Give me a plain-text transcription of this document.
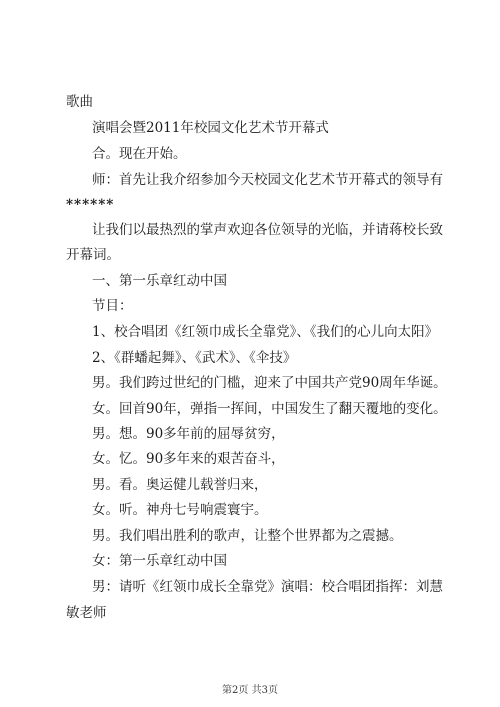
歌曲
演唱会暨2011年校园文化艺术节开幕式
合。现在开始。
师：首先让我介绍参加今天校园文化艺术节开幕式的领导有
******
让我们以最热烈的掌声欢迎各位领导的光临，并请蒋校长致
开幕词。
一、第一乐章红动中国
节目：
1、校合唱团《红领巾成长全靠党》、《我们的心儿向太阳》
2、《群蟠起舞》、《武术》、《伞技》
男。我们跨过世纪的门槛，迎来了中国共产党90周年华诞。
女。回首90年，弹指一挥间，中国发生了翻天覆地的变化。
男。想。90多年前的屈辱贫穷，
女。忆。90多年来的艰苦奋斗，
男。看。奥运健儿载誉归来，
女。听。神舟七号响震寰宇。
男。我们唱出胜利的歌声，让整个世界都为之震撼。
女：第一乐章红动中国
男：请听《红领巾成长全靠党》演唱：校合唱团指挥：刘慧
敏老师
第2页 共3页
